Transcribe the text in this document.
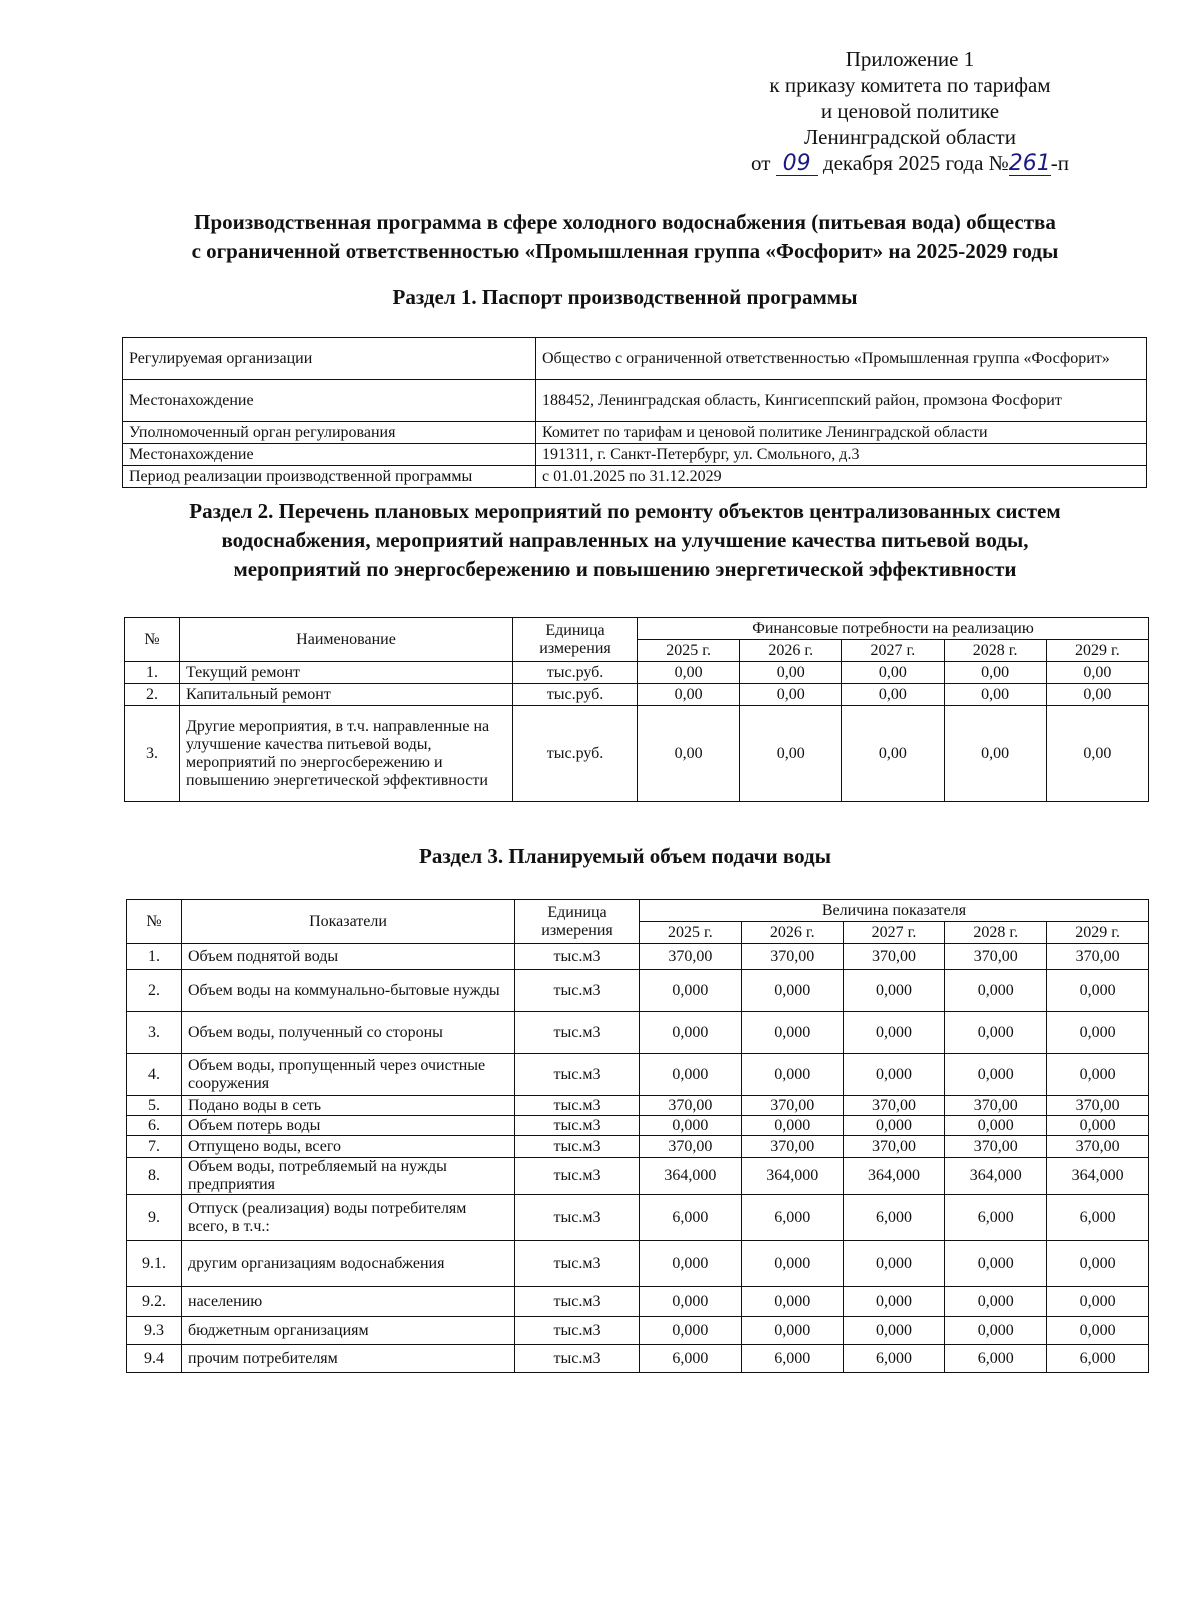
Приложение 1
к приказу комитета по тарифам
и ценовой политике
Ленинградской области
от 09 декабря 2025 года №261-п
Производственная программа в сфере холодного водоснабжения (питьевая вода) общества
с ограниченной ответственностью «Промышленная группа «Фосфорит» на 2025-2029 годы
Раздел 1. Паспорт производственной программы
Регулируемая организации	Общество с ограниченной ответственностью «Промышленная группа «Фосфорит»
Местонахождение	188452, Ленинградская область, Кингисеппский район, промзона Фосфорит
Уполномоченный орган регулирования	Комитет по тарифам и ценовой политике Ленинградской области
Местонахождение	191311, г. Санкт-Петербург, ул. Смольного, д.3
Период реализации производственной программы	с 01.01.2025 по 31.12.2029
Раздел 2. Перечень плановых мероприятий по ремонту объектов централизованных систем
водоснабжения, мероприятий направленных на улучшение качества питьевой воды,
мероприятий по энергосбережению и повышению энергетической эффективности
№	Наименование	Единица измерения	Финансовые потребности на реализацию				
			2025 г.	2026 г.	2027 г.	2028 г.	2029 г.
1.	Текущий ремонт	тыс.руб.	0,00	0,00	0,00	0,00	0,00
2.	Капитальный ремонт	тыс.руб.	0,00	0,00	0,00	0,00	0,00
3.	Другие мероприятия, в т.ч. направленные на улучшение качества питьевой воды, мероприятий по энергосбережению и повышению энергетической эффективности	тыс.руб.	0,00	0,00	0,00	0,00	0,00
Раздел 3. Планируемый объем подачи воды
№	Показатели	Единица измерения	Величина показателя				
			2025 г.	2026 г.	2027 г.	2028 г.	2029 г.
1.	Объем поднятой воды	тыс.м3	370,00	370,00	370,00	370,00	370,00
2.	Объем воды на коммунально-бытовые нужды	тыс.м3	0,000	0,000	0,000	0,000	0,000
3.	Объем воды, полученный со стороны	тыс.м3	0,000	0,000	0,000	0,000	0,000
4.	Объем воды, пропущенный через очистные сооружения	тыс.м3	0,000	0,000	0,000	0,000	0,000
5.	Подано воды в сеть	тыс.м3	370,00	370,00	370,00	370,00	370,00
6.	Объем потерь воды	тыс.м3	0,000	0,000	0,000	0,000	0,000
7.	Отпущено воды, всего	тыс.м3	370,00	370,00	370,00	370,00	370,00
8.	Объем воды, потребляемый на нужды предприятия	тыс.м3	364,000	364,000	364,000	364,000	364,000
9.	Отпуск (реализация) воды потребителям всего, в т.ч.:	тыс.м3	6,000	6,000	6,000	6,000	6,000
9.1.	другим организациям водоснабжения	тыс.м3	0,000	0,000	0,000	0,000	0,000
9.2.	населению	тыс.м3	0,000	0,000	0,000	0,000	0,000
9.3	бюджетным организациям	тыс.м3	0,000	0,000	0,000	0,000	0,000
9.4	прочим потребителям	тыс.м3	6,000	6,000	6,000	6,000	6,000
